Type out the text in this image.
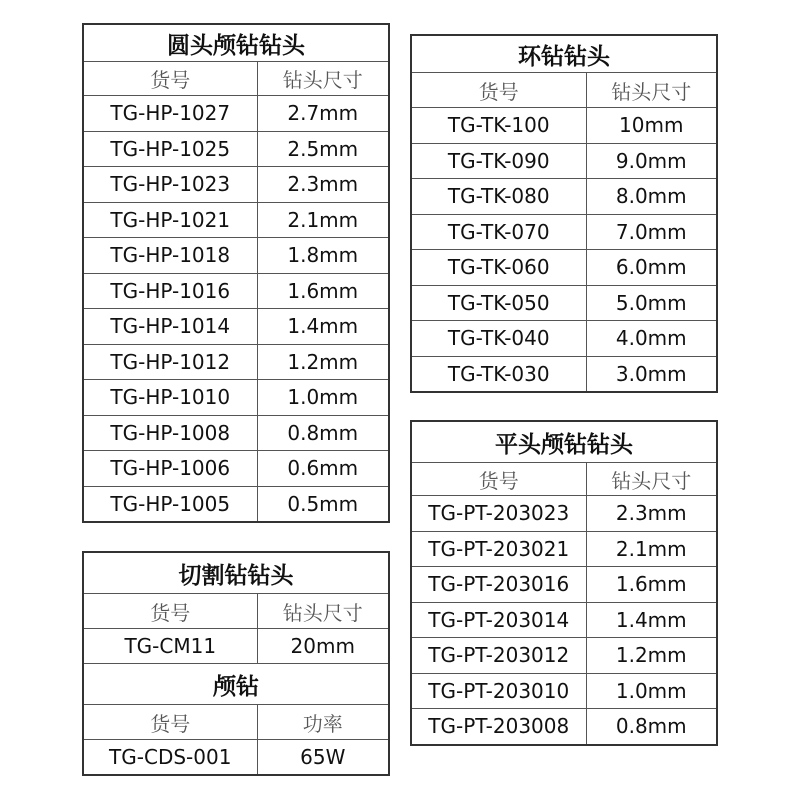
圆头颅钻钻头	
货号	钻头尺寸
TG-HP-1027	2.7mm
TG-HP-1025	2.5mm
TG-HP-1023	2.3mm
TG-HP-1021	2.1mm
TG-HP-1018	1.8mm
TG-HP-1016	1.6mm
TG-HP-1014	1.4mm
TG-HP-1012	1.2mm
TG-HP-1010	1.0mm
TG-HP-1008	0.8mm
TG-HP-1006	0.6mm
TG-HP-1005	0.5mm
环钻钻头	
货号	钻头尺寸
TG-TK-100	10mm
TG-TK-090	9.0mm
TG-TK-080	8.0mm
TG-TK-070	7.0mm
TG-TK-060	6.0mm
TG-TK-050	5.0mm
TG-TK-040	4.0mm
TG-TK-030	3.0mm
平头颅钻钻头	
货号	钻头尺寸
TG-PT-203023	2.3mm
TG-PT-203021	2.1mm
TG-PT-203016	1.6mm
TG-PT-203014	1.4mm
TG-PT-203012	1.2mm
TG-PT-203010	1.0mm
TG-PT-203008	0.8mm
切割钻钻头	
货号	钻头尺寸
TG-CM11	20mm
颅钻	
货号	功率
TG-CDS-001	65W
